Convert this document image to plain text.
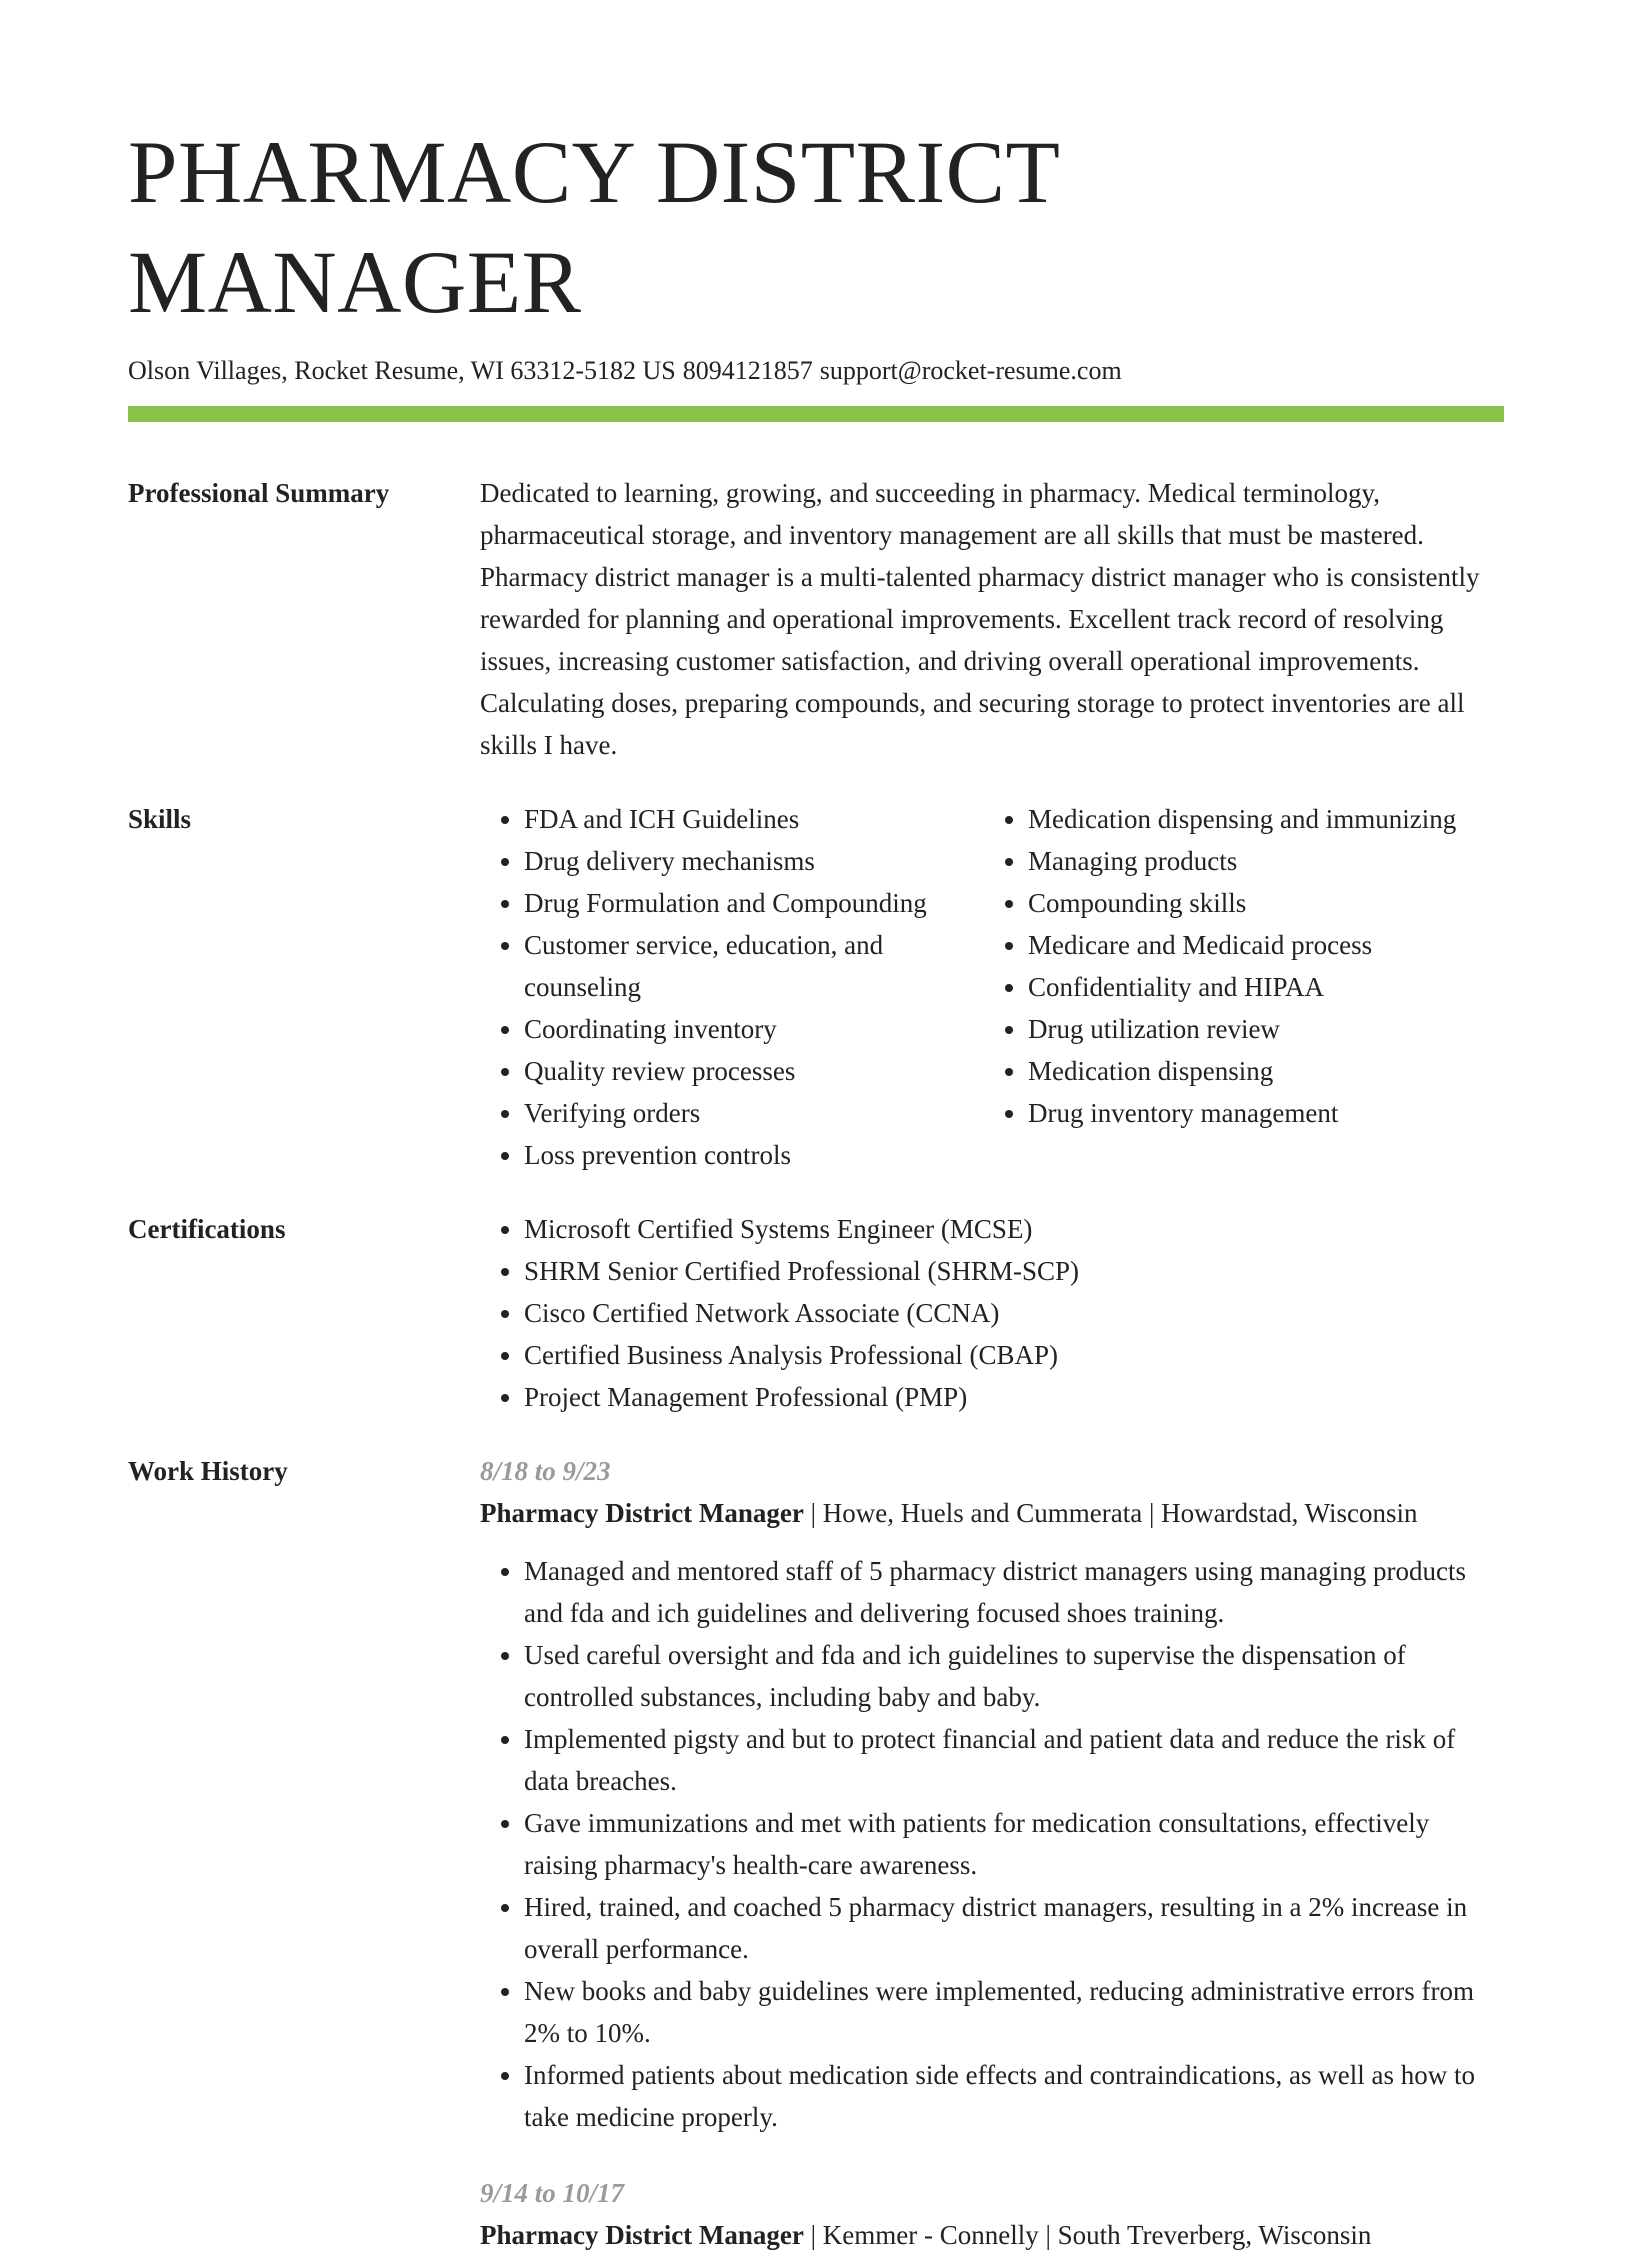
PHARMACY DISTRICT MANAGER
Olson Villages, Rocket Resume, WI 63312-5182 US 8094121857 support@rocket-resume.com
Professional Summary	Dedicated to learning, growing, and succeeding in pharmacy. Medical terminology, pharmaceutical storage, and inventory management are all skills that must be mastered. Pharmacy district manager is a multi-talented pharmacy district manager who is consistently rewarded for planning and operational improvements. Excellent track record of resolving issues, increasing customer satisfaction, and driving overall operational improvements. Calculating doses, preparing compounds, and securing storage to protect inventories are all skills I have.
Skills	• FDA and ICH Guidelines
• Drug delivery mechanisms
• Drug Formulation and Compounding
• Customer service, education, and counseling
• Coordinating inventory
• Quality review processes
• Verifying orders
• Loss prevention controls
• Medication dispensing and immunizing
• Managing products
• Compounding skills
• Medicare and Medicaid process
• Confidentiality and HIPAA
• Drug utilization review
• Medication dispensing
• Drug inventory management
Certifications	• Microsoft Certified Systems Engineer (MCSE)
• SHRM Senior Certified Professional (SHRM-SCP)
• Cisco Certified Network Associate (CCNA)
• Certified Business Analysis Professional (CBAP)
• Project Management Professional (PMP)
Work History	8/18 to 9/23
Pharmacy District Manager | Howe, Huels and Cummerata | Howardstad, Wisconsin
• Managed and mentored staff of 5 pharmacy district managers using managing products and fda and ich guidelines and delivering focused shoes training.
• Used careful oversight and fda and ich guidelines to supervise the dispensation of controlled substances, including baby and baby.
• Implemented pigsty and but to protect financial and patient data and reduce the risk of data breaches.
• Gave immunizations and met with patients for medication consultations, effectively raising pharmacy's health-care awareness.
• Hired, trained, and coached 5 pharmacy district managers, resulting in a 2% increase in overall performance.
• New books and baby guidelines were implemented, reducing administrative errors from 2% to 10%.
• Informed patients about medication side effects and contraindications, as well as how to take medicine properly.
9/14 to 10/17
Pharmacy District Manager | Kemmer - Connelly | South Treverberg, Wisconsin
